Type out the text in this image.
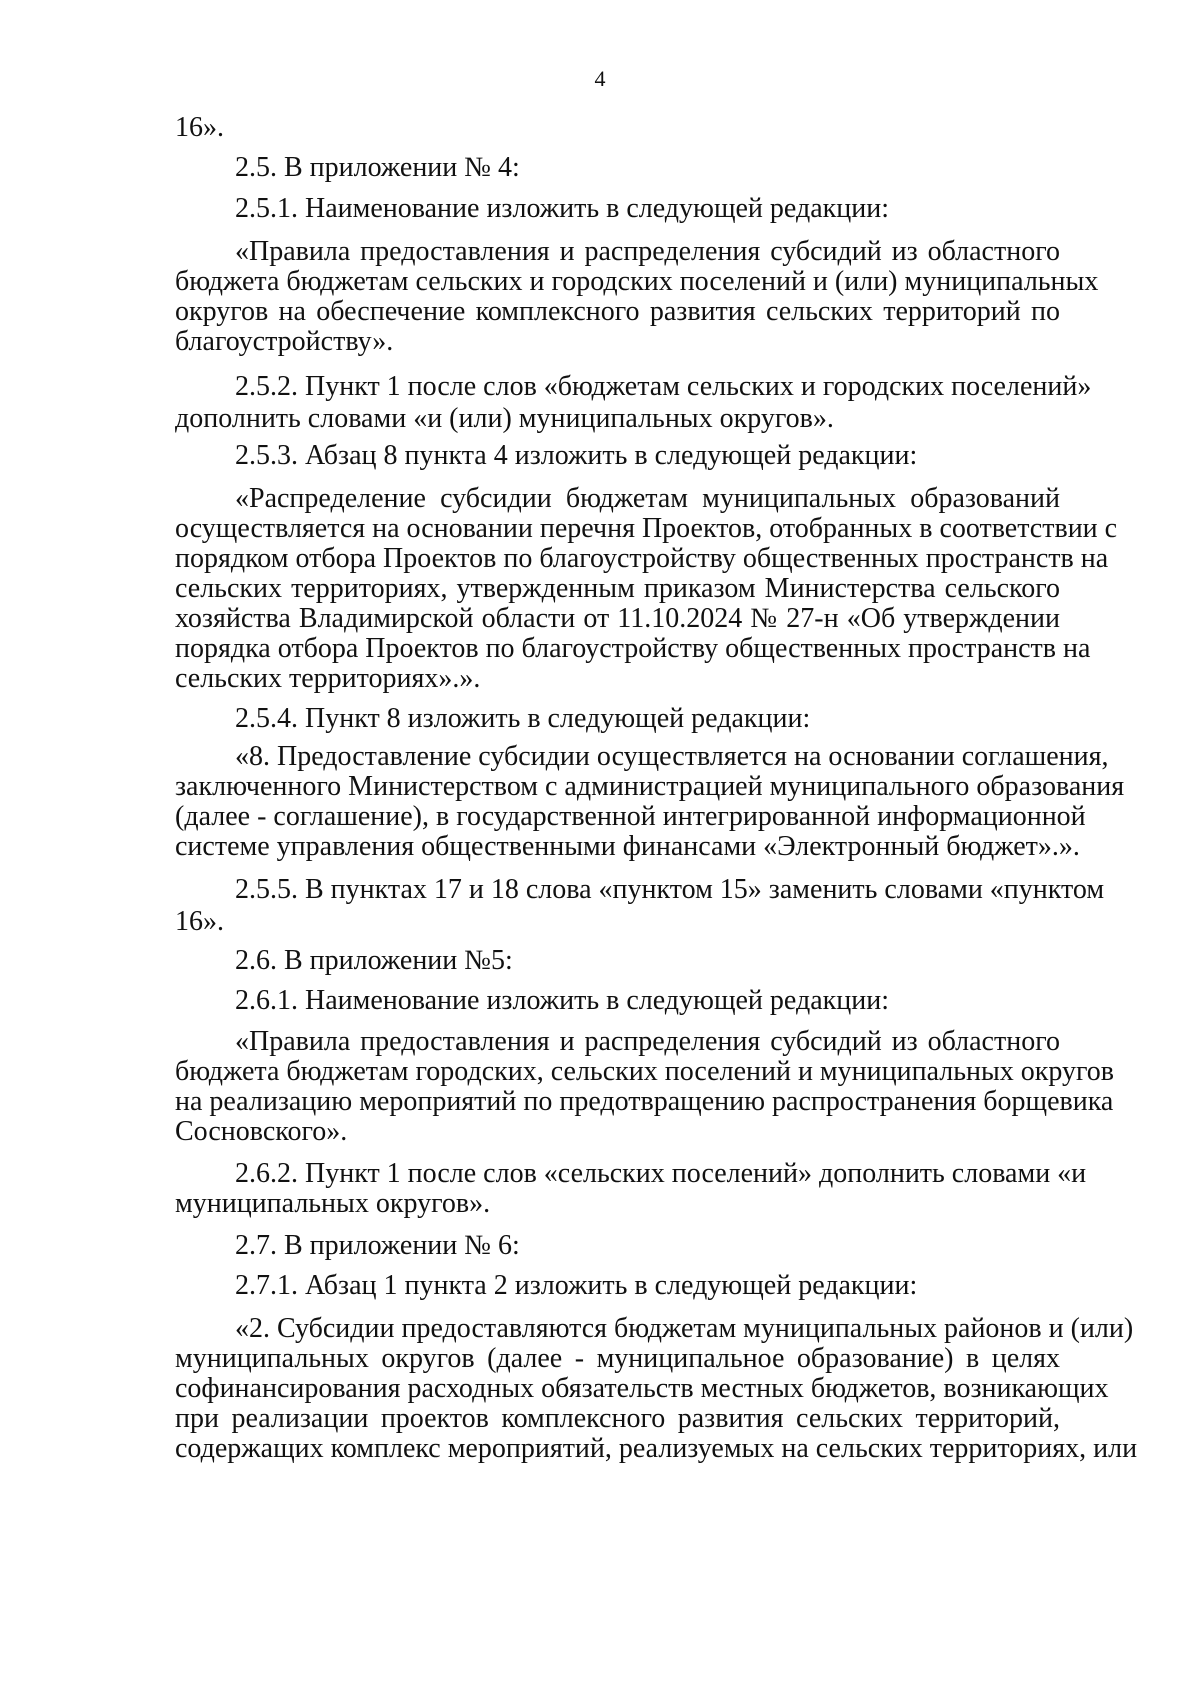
4
16».
2.5. В приложении № 4:
2.5.1. Наименование изложить в следующей редакции:
«Правила предоставления и распределения субсидий из областного
бюджета бюджетам сельских и городских поселений и (или) муниципальных
округов на обеспечение комплексного развития сельских территорий по
благоустройству».
2.5.2. Пункт 1 после слов «бюджетам сельских и городских поселений»
дополнить словами «и (или) муниципальных округов».
2.5.3. Абзац 8 пункта 4 изложить в следующей редакции:
«Распределение субсидии бюджетам муниципальных образований
осуществляется на основании перечня Проектов, отобранных в соответствии с
порядком отбора Проектов по благоустройству общественных пространств на
сельских территориях, утвержденным приказом Министерства сельского
хозяйства Владимирской области от 11.10.2024 № 27-н «Об утверждении
порядка отбора Проектов по благоустройству общественных пространств на
сельских территориях».».
2.5.4. Пункт 8 изложить в следующей редакции:
«8. Предоставление субсидии осуществляется на основании соглашения,
заключенного Министерством с администрацией муниципального образования
(далее - соглашение), в государственной интегрированной информационной
системе управления общественными финансами «Электронный бюджет».».
2.5.5. В пунктах 17 и 18 слова «пунктом 15» заменить словами «пунктом
16».
2.6. В приложении №5:
2.6.1. Наименование изложить в следующей редакции:
«Правила предоставления и распределения субсидий из областного
бюджета бюджетам городских, сельских поселений и муниципальных округов
на реализацию мероприятий по предотвращению распространения борщевика
Сосновского».
2.6.2. Пункт 1 после слов «сельских поселений» дополнить словами «и
муниципальных округов».
2.7. В приложении № 6:
2.7.1. Абзац 1 пункта 2 изложить в следующей редакции:
«2. Субсидии предоставляются бюджетам муниципальных районов и (или)
муниципальных округов (далее - муниципальное образование) в целях
софинансирования расходных обязательств местных бюджетов, возникающих
при реализации проектов комплексного развития сельских территорий,
содержащих комплекс мероприятий, реализуемых на сельских территориях, или
